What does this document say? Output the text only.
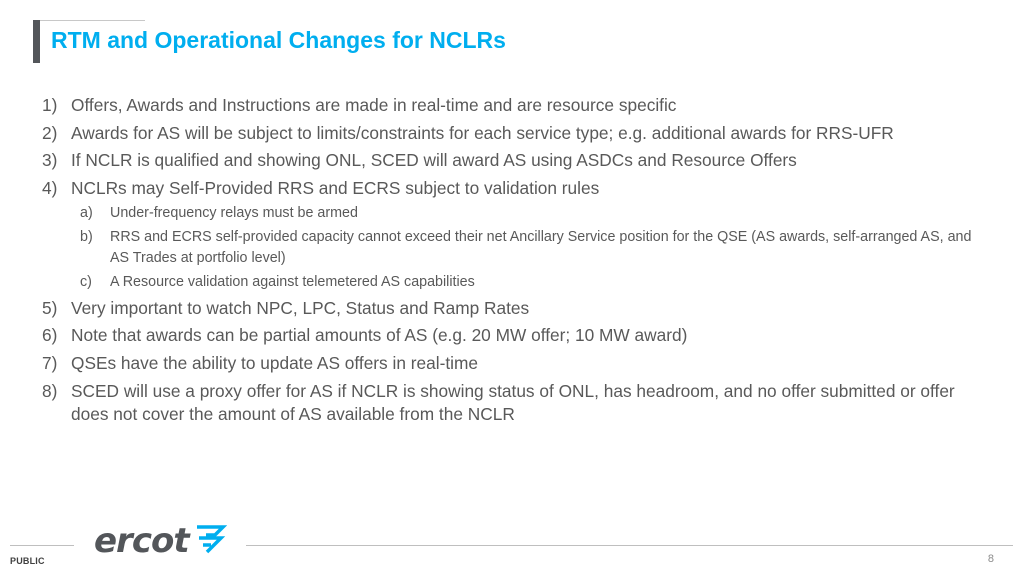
RTM and Operational Changes for NCLRs
1) Offers, Awards and Instructions are made in real-time and are resource specific
2) Awards for AS will be subject to limits/constraints for each service type; e.g. additional awards for RRS-UFR
3) If NCLR is qualified and showing ONL, SCED will award AS using ASDCs and Resource Offers
4) NCLRs may Self-Provided RRS and ECRS subject to validation rules
a) Under-frequency relays must be armed
b) RRS and ECRS self-provided capacity cannot exceed their net Ancillary Service position for the QSE (AS awards, self-arranged AS, and AS Trades at portfolio level)
c) A Resource validation against telemetered AS capabilities
5) Very important to watch NPC, LPC, Status and Ramp Rates
6) Note that awards can be partial amounts of AS (e.g. 20 MW offer; 10 MW award)
7) QSEs have the ability to update AS offers in real-time
8) SCED will use a proxy offer for AS if NCLR is showing status of ONL, has headroom, and no offer submitted or offer does not cover the amount of AS available from the NCLR
ercot
PUBLIC	8
